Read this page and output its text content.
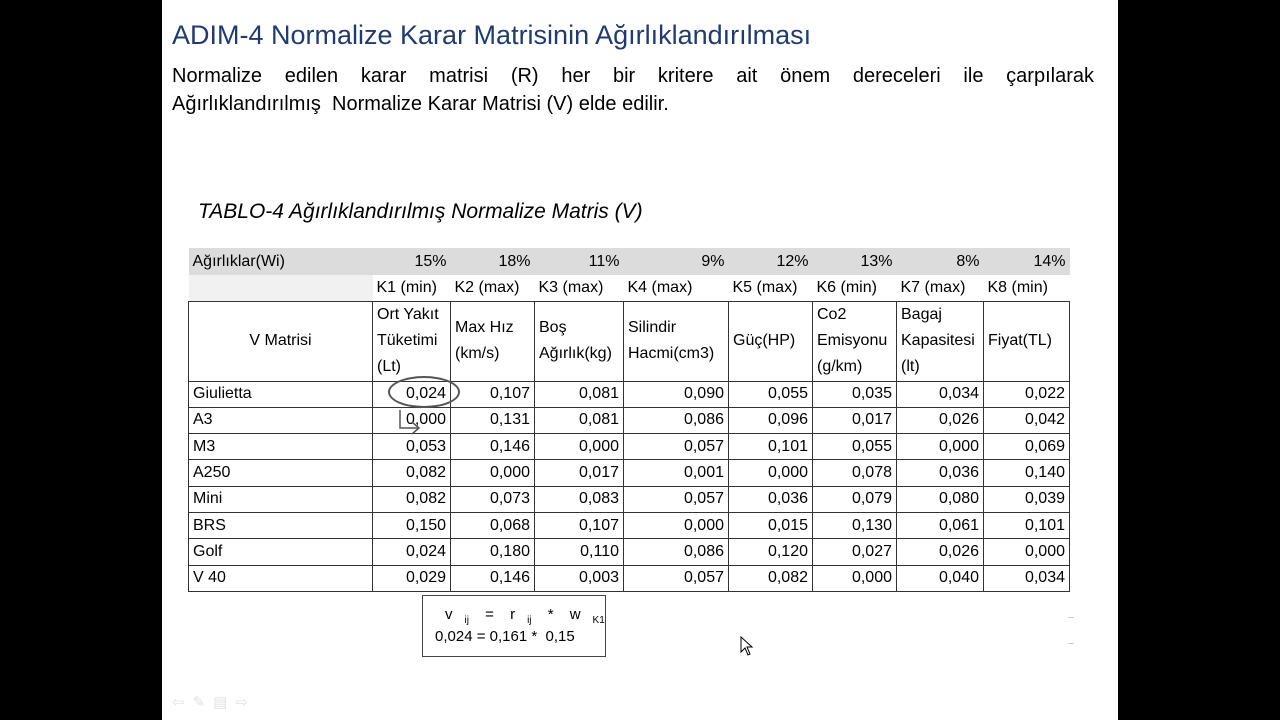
ADIM-4 Normalize Karar Matrisinin Ağırlıklandırılması
Normalize edilen karar matrisi (R) her bir kritere ait önem dereceleri ile çarpılarak
Ağırlıklandırılmış  Normalize Karar Matrisi (V) elde edilir.
TABLO-4 Ağırlıklandırılmış Normalize Matris (V)
Ağırlıklar(Wi)	15%	18%	11%	9%	12%	13%	8%	14%
	K1 (min)	K2 (max)	K3 (max)	K4 (max)	K5 (max)	K6 (min)	K7 (max)	K8 (min)
V Matrisi	Ort Yakıt Tüketimi (Lt)	Max Hız (km/s)	Boş Ağırlık(kg)	Silindir Hacmi(cm3)	Güç(HP)	Co2 Emisyonu (g/km)	Bagaj Kapasitesi (lt)	Fiyat(TL)
Giulietta	0,024	0,107	0,081	0,090	0,055	0,035	0,034	0,022
A3	0,000	0,131	0,081	0,086	0,096	0,017	0,026	0,042
M3	0,053	0,146	0,000	0,057	0,101	0,055	0,000	0,069
A250	0,082	0,000	0,017	0,001	0,000	0,078	0,036	0,140
Mini	0,082	0,073	0,083	0,057	0,036	0,079	0,080	0,039
BRS	0,150	0,068	0,107	0,000	0,015	0,130	0,061	0,101
Golf	0,024	0,180	0,110	0,086	0,120	0,027	0,026	0,000
V 40	0,029	0,146	0,003	0,057	0,082	0,000	0,040	0,034
v $_{ij}$ = r $_{ij}$ * w $_{K1}$
0,024 = 0,161 *  0,15
⇦✎▤⇨
